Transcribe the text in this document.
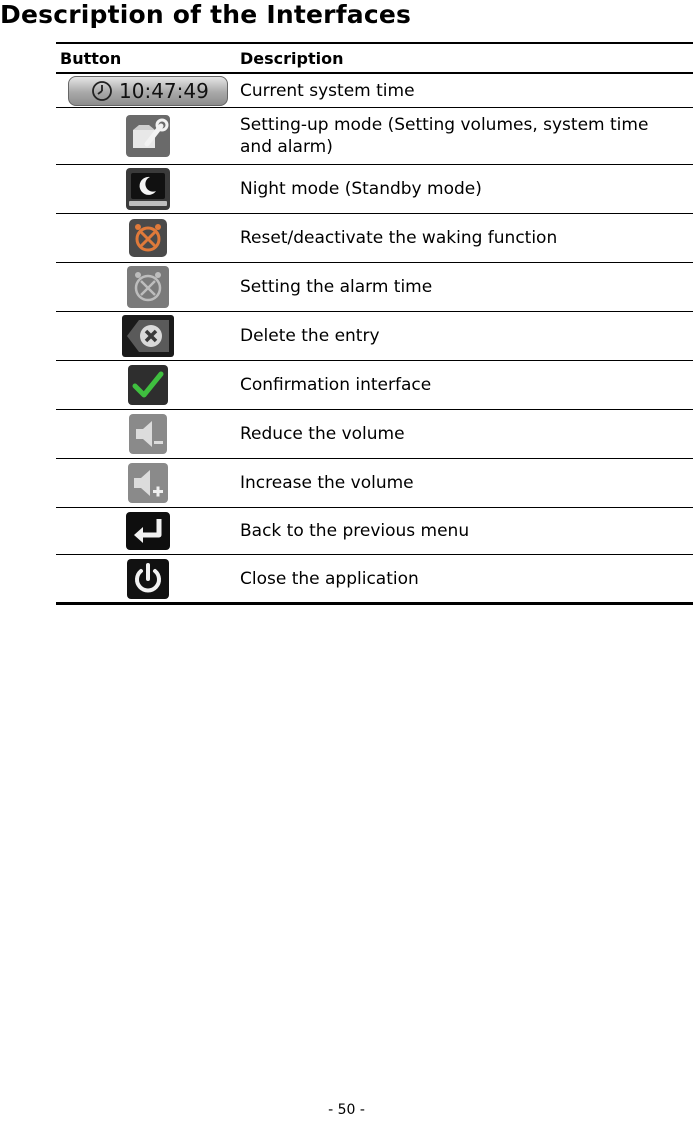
Description of the Interfaces
Button	Description
10:47:49 Current system time
Setting-up mode (Setting volumes, system time and alarm)
Night mode (Standby mode)
Reset/deactivate the waking function
Setting the alarm time
Delete the entry
Confirmation interface
Reduce the volume
Increase the volume
Back to the previous menu
Close the application
- 50 -
